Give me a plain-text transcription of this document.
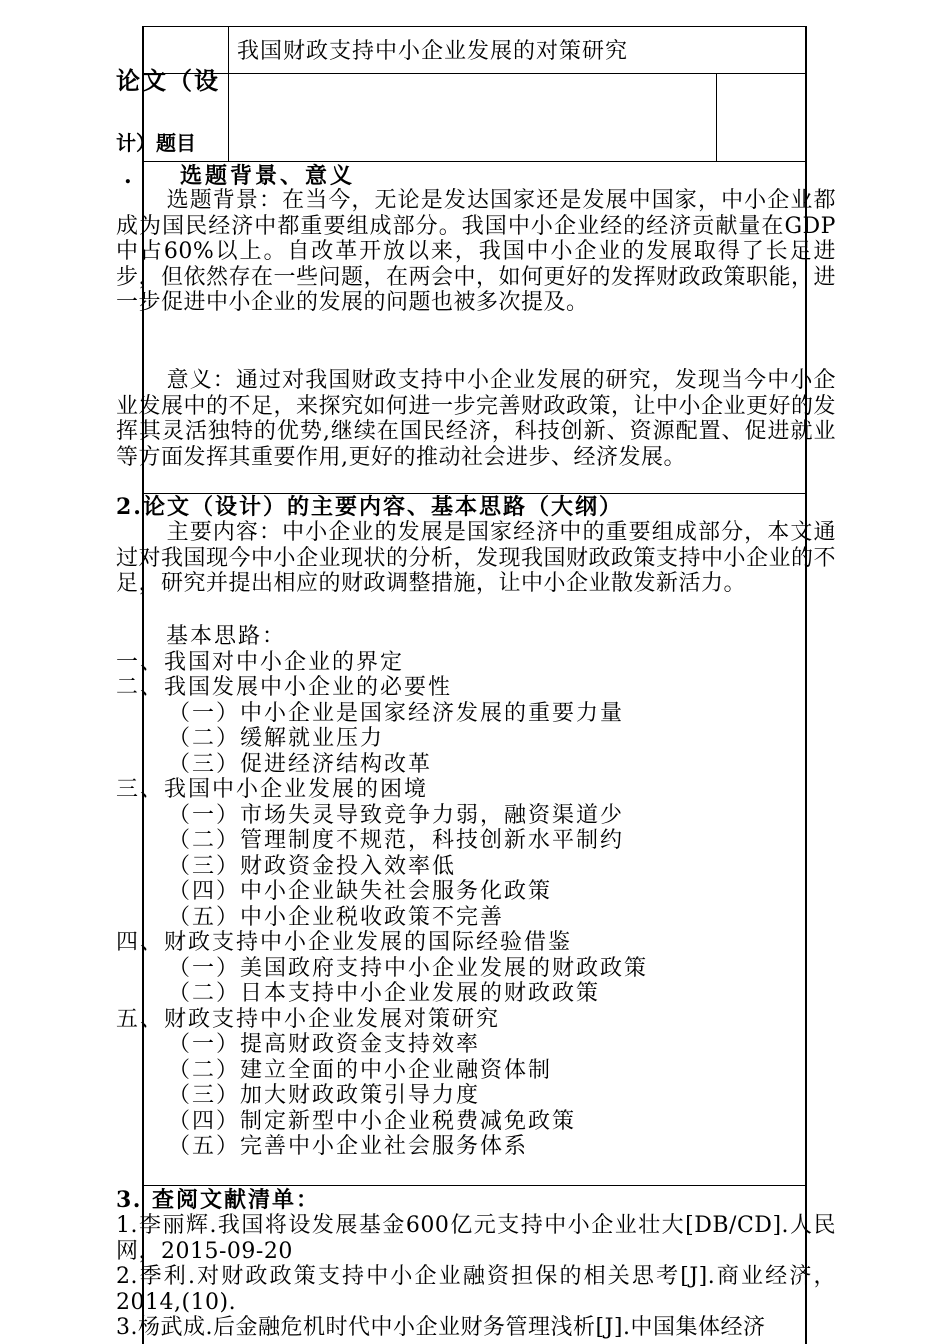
论文（设

计）题目

我国财政支持中小企业发展的对策研究
. 选题背景、意义
选题背景：在当今，无论是发达国家还是发展中国家，中小企业都成为国民经济中都重要组成部分。我国中小企业经的经济贡献量在GDP中占60%以上。自改革开放以来，我国中小企业的发展取得了长足进步，但依然存在一些问题，在两会中，如何更好的发挥财政政策职能，进一步促进中小企业的发展的问题也被多次提及。
意义：通过对我国财政支持中小企业发展的研究，发现当今中小企业发展中的不足，来探究如何进一步完善财政政策，让中小企业更好的发挥其灵活独特的优势,继续在国民经济，科技创新、资源配置、促进就业等方面发挥其重要作用,更好的推动社会进步、经济发展。
2.论文（设计）的主要内容、基本思路（大纲）
主要内容：中小企业的发展是国家经济中的重要组成部分，本文通过对我国现今中小企业现状的分析，发现我国财政政策支持中小企业的不足，研究并提出相应的财政调整措施，让中小企业散发新活力。
基本思路：
一、我国对中小企业的界定
二、我国发展中小企业的必要性
（一）中小企业是国家经济发展的重要力量
（二）缓解就业压力
（三）促进经济结构改革
三、我国中小企业发展的困境
（一）市场失灵导致竞争力弱，融资渠道少
（二）管理制度不规范，科技创新水平制约
（三）财政资金投入效率低
（四）中小企业缺失社会服务化政策
（五）中小企业税收政策不完善
四、财政支持中小企业发展的国际经验借鉴
（一）美国政府支持中小企业发展的财政政策
（二）日本支持中小企业发展的财政政策
五、财政支持中小企业发展对策研究
（一）提高财政资金支持效率
（二）建立全面的中小企业融资体制
（三）加大财政政策引导力度
（四）制定新型中小企业税费减免政策
（五）完善中小企业社会服务体系
3. 查阅文献清单：
1.李丽辉.我国将设发展基金600亿元支持中小企业壮大[DB/CD].人民网，2015-09-20
2.季利.对财政政策支持中小企业融资担保的相关思考[J].商业经济，2014,(10).
3.杨武成.后金融危机时代中小企业财务管理浅析[J].中国集体经济
